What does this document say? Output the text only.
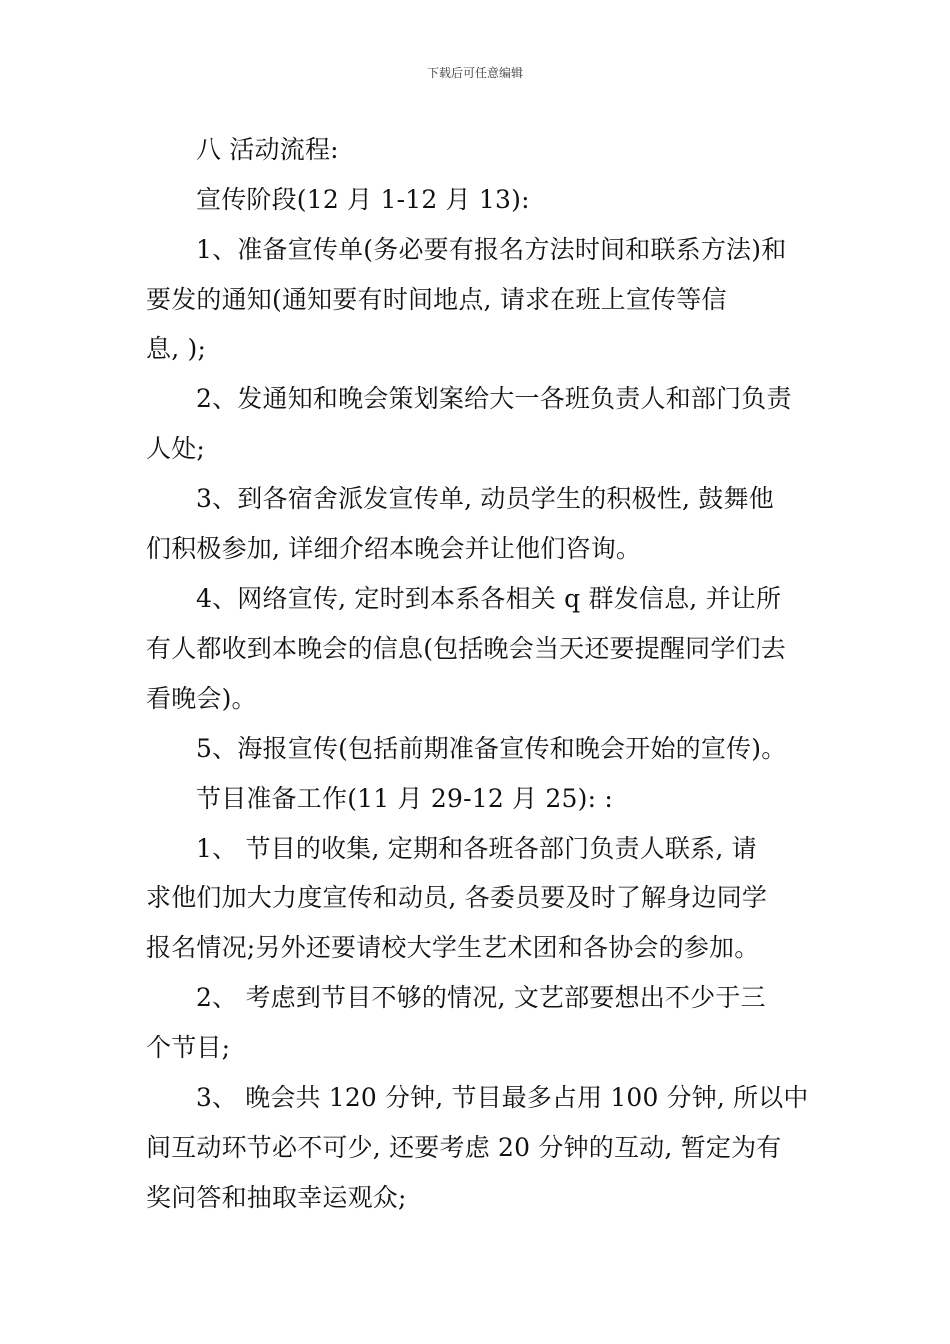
下载后可任意编辑
八 活动流程:
宣传阶段(12 月 1-12 月 13):
1、准备宣传单(务必要有报名方法时间和联系方法)和
要发的通知(通知要有时间地点, 请求在班上宣传等信
息, );
2、发通知和晚会策划案给大一各班负责人和部门负责
人处;
3、到各宿舍派发宣传单, 动员学生的积极性, 鼓舞他
们积极参加, 详细介绍本晚会并让他们咨询。
4、网络宣传, 定时到本系各相关 q 群发信息, 并让所
有人都收到本晚会的信息(包括晚会当天还要提醒同学们去
看晚会)。
5、海报宣传(包括前期准备宣传和晚会开始的宣传)。
节目准备工作(11 月 29-12 月 25): :
1、 节目的收集, 定期和各班各部门负责人联系, 请
求他们加大力度宣传和动员, 各委员要及时了解身边同学
报名情况;另外还要请校大学生艺术团和各协会的参加。
2、 考虑到节目不够的情况, 文艺部要想出不少于三
个节目;
3、 晚会共 120 分钟, 节目最多占用 100 分钟, 所以中
间互动环节必不可少, 还要考虑 20 分钟的互动, 暂定为有
奖问答和抽取幸运观众;
